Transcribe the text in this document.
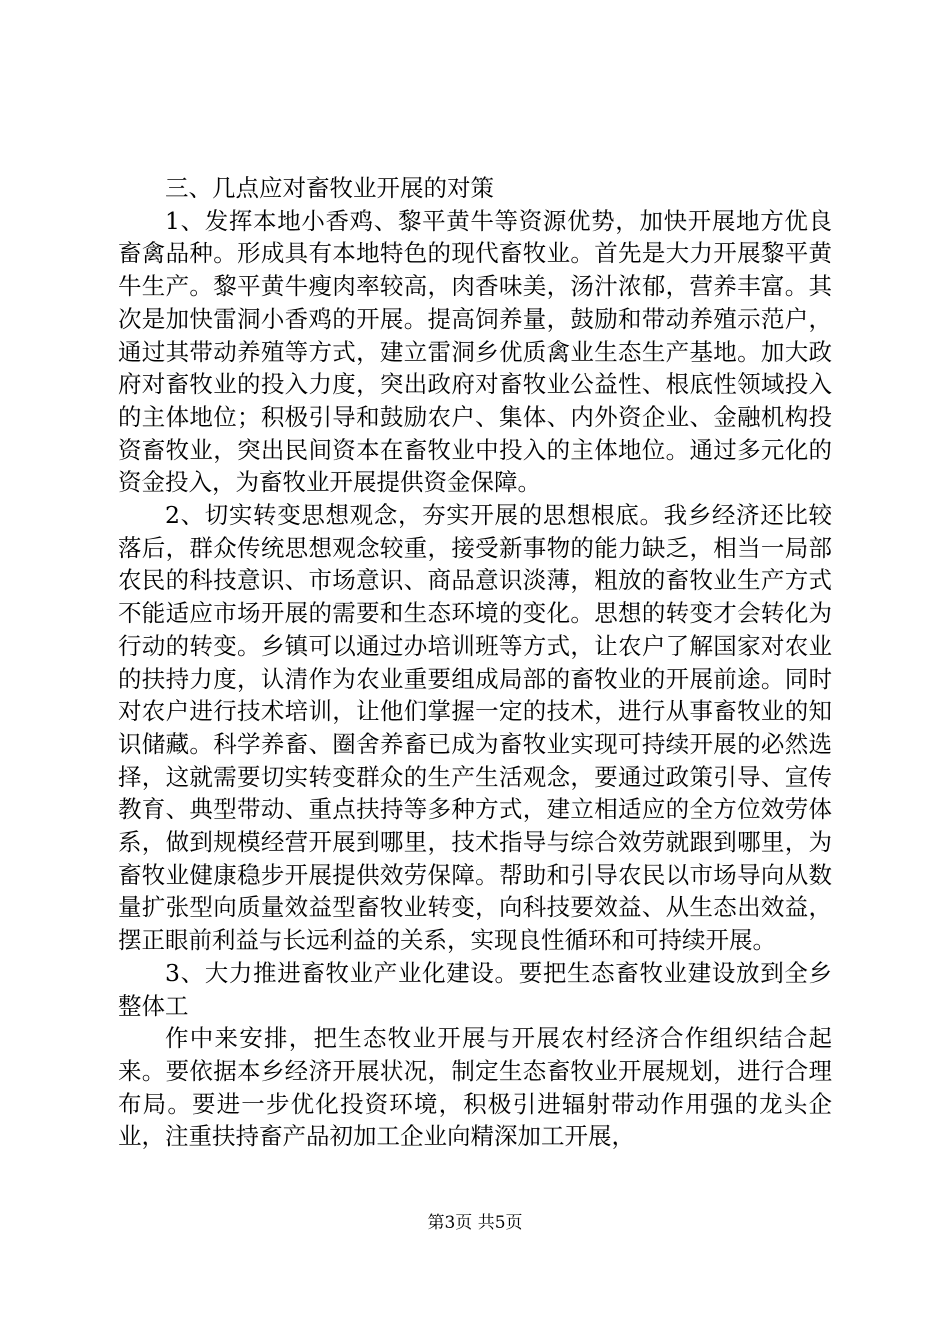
三、几点应对畜牧业开展的对策

1、发挥本地小香鸡、黎平黄牛等资源优势，加快开展地方优良畜禽品种。形成具有本地特色的现代畜牧业。首先是大力开展黎平黄牛生产。黎平黄牛瘦肉率较高，肉香味美，汤汁浓郁，营养丰富。其次是加快雷洞小香鸡的开展。提高饲养量，鼓励和带动养殖示范户，通过其带动养殖等方式，建立雷洞乡优质禽业生态生产基地。加大政府对畜牧业的投入力度，突出政府对畜牧业公益性、根底性领域投入的主体地位；积极引导和鼓励农户、集体、内外资企业、金融机构投资畜牧业，突出民间资本在畜牧业中投入的主体地位。通过多元化的资金投入，为畜牧业开展提供资金保障。

2、切实转变思想观念，夯实开展的思想根底。我乡经济还比较落后，群众传统思想观念较重，接受新事物的能力缺乏，相当一局部农民的科技意识、市场意识、商品意识淡薄，粗放的畜牧业生产方式不能适应市场开展的需要和生态环境的变化。思想的转变才会转化为行动的转变。乡镇可以通过办培训班等方式，让农户了解国家对农业的扶持力度，认清作为农业重要组成局部的畜牧业的开展前途。同时对农户进行技术培训，让他们掌握一定的技术，进行从事畜牧业的知识储藏。科学养畜、圈舍养畜已成为畜牧业实现可持续开展的必然选择，这就需要切实转变群众的生产生活观念，要通过政策引导、宣传教育、典型带动、重点扶持等多种方式，建立相适应的全方位效劳体系，做到规模经营开展到哪里，技术指导与综合效劳就跟到哪里，为畜牧业健康稳步开展提供效劳保障。帮助和引导农民以市场导向从数量扩张型向质量效益型畜牧业转变，向科技要效益、从生态出效益，摆正眼前利益与长远利益的关系，实现良性循环和可持续开展。

3、大力推进畜牧业产业化建设。要把生态畜牧业建设放到全乡整体工

作中来安排，把生态牧业开展与开展农村经济合作组织结合起来。要依据本乡经济开展状况，制定生态畜牧业开展规划，进行合理布局。要进一步优化投资环境，积极引进辐射带动作用强的龙头企业，注重扶持畜产品初加工企业向精深加工开展，

第3页 共5页
